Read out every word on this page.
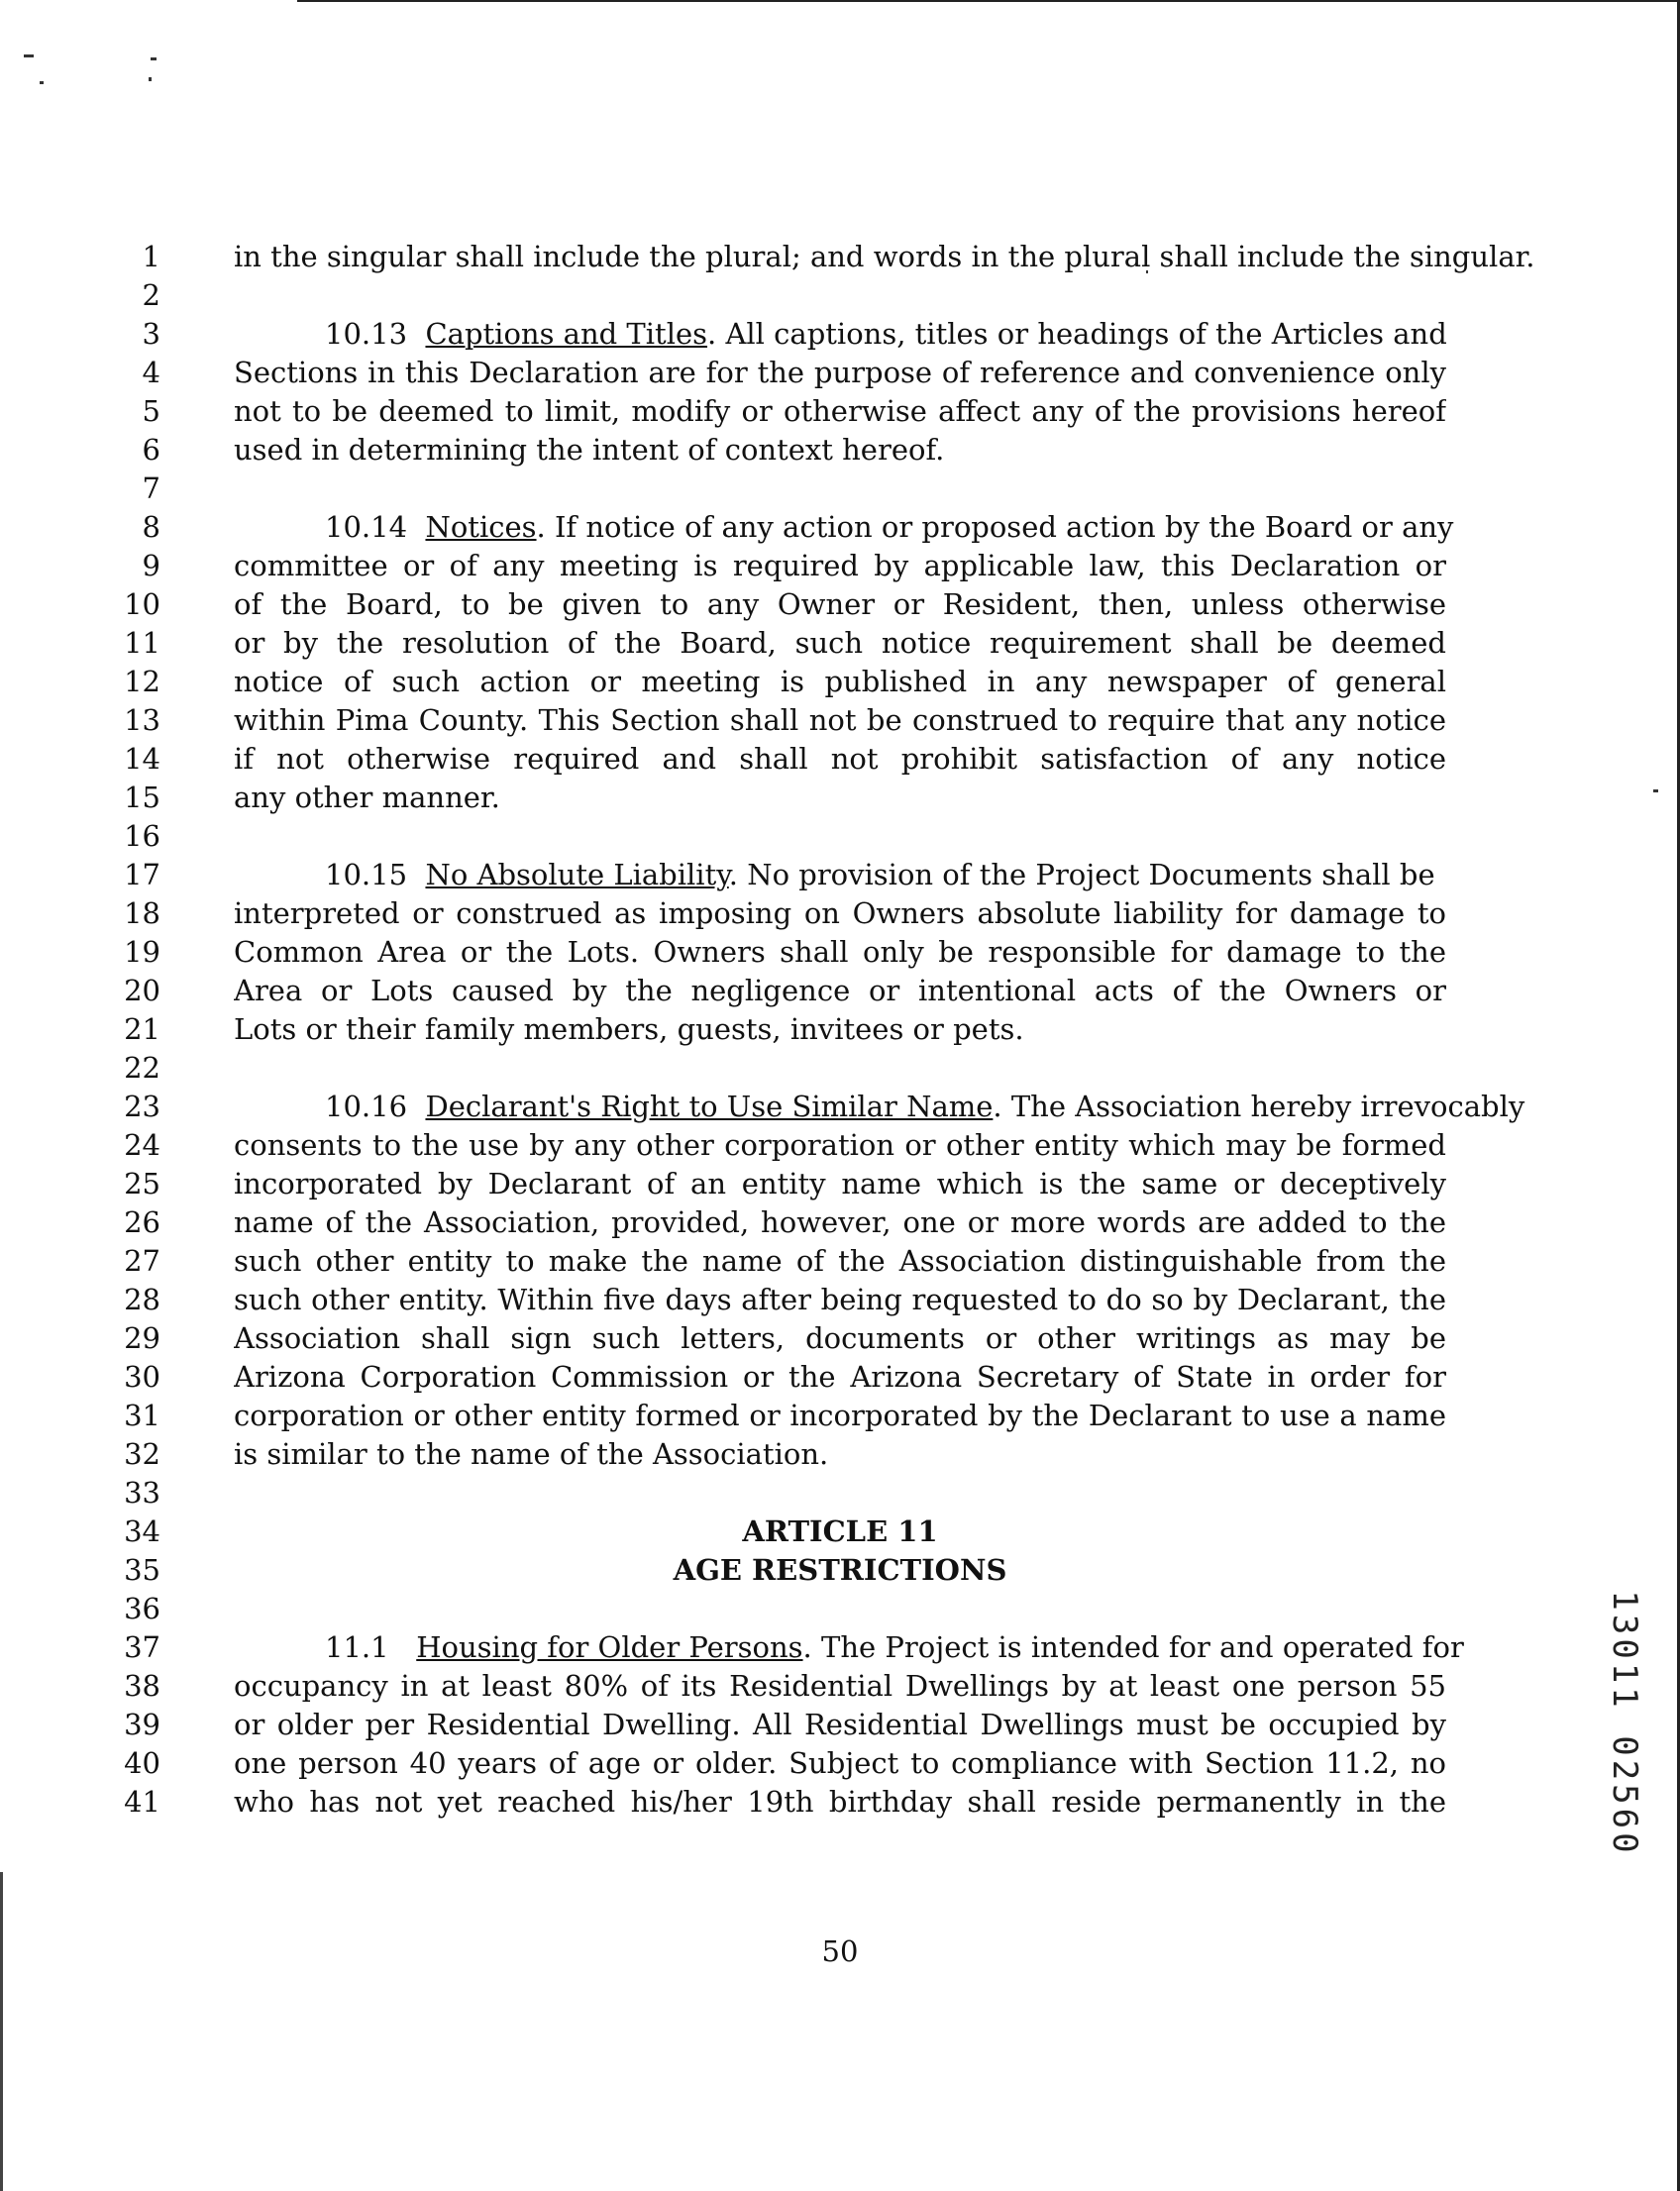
1
2
3
4
5
6
7
8
9
10
11
12
13
14
15
16
17
18
19
20
21
22
23
24
25
26
27
28
29
30
31
32
33
34
35
36
37
38
39
40
41
in the singular shall include the plural; and words in the plural shall include the singular.
10.13 Captions and Titles. All captions, titles or headings of the Articles and
Sections in this Declaration are for the purpose of reference and convenience only
not to be deemed to limit, modify or otherwise affect any of the provisions hereof
used in determining the intent of context hereof.
10.14 Notices. If notice of any action or proposed action by the Board or any
committee or of any meeting is required by applicable law, this Declaration or
of the Board, to be given to any Owner or Resident, then, unless otherwise
or by the resolution of the Board, such notice requirement shall be deemed
notice of such action or meeting is published in any newspaper of general
within Pima County. This Section shall not be construed to require that any notice
if not otherwise required and shall not prohibit satisfaction of any notice
any other manner.
10.15 No Absolute Liability. No provision of the Project Documents shall be
interpreted or construed as imposing on Owners absolute liability for damage to
Common Area or the Lots. Owners shall only be responsible for damage to the
Area or Lots caused by the negligence or intentional acts of the Owners or
Lots or their family members, guests, invitees or pets.
10.16 Declarant's Right to Use Similar Name. The Association hereby irrevocably
consents to the use by any other corporation or other entity which may be formed
incorporated by Declarant of an entity name which is the same or deceptively
name of the Association, provided, however, one or more words are added to the
such other entity to make the name of the Association distinguishable from the
such other entity. Within five days after being requested to do so by Declarant, the
Association shall sign such letters, documents or other writings as may be
Arizona Corporation Commission or the Arizona Secretary of State in order for
corporation or other entity formed or incorporated by the Declarant to use a name
is similar to the name of the Association.
ARTICLE 11
AGE RESTRICTIONS
11.1 Housing for Older Persons. The Project is intended for and operated for
occupancy in at least 80% of its Residential Dwellings by at least one person 55
or older per Residential Dwelling. All Residential Dwellings must be occupied by
one person 40 years of age or older. Subject to compliance with Section 11.2, no
who has not yet reached his/her 19th birthday shall reside permanently in the
50
13011 02560
